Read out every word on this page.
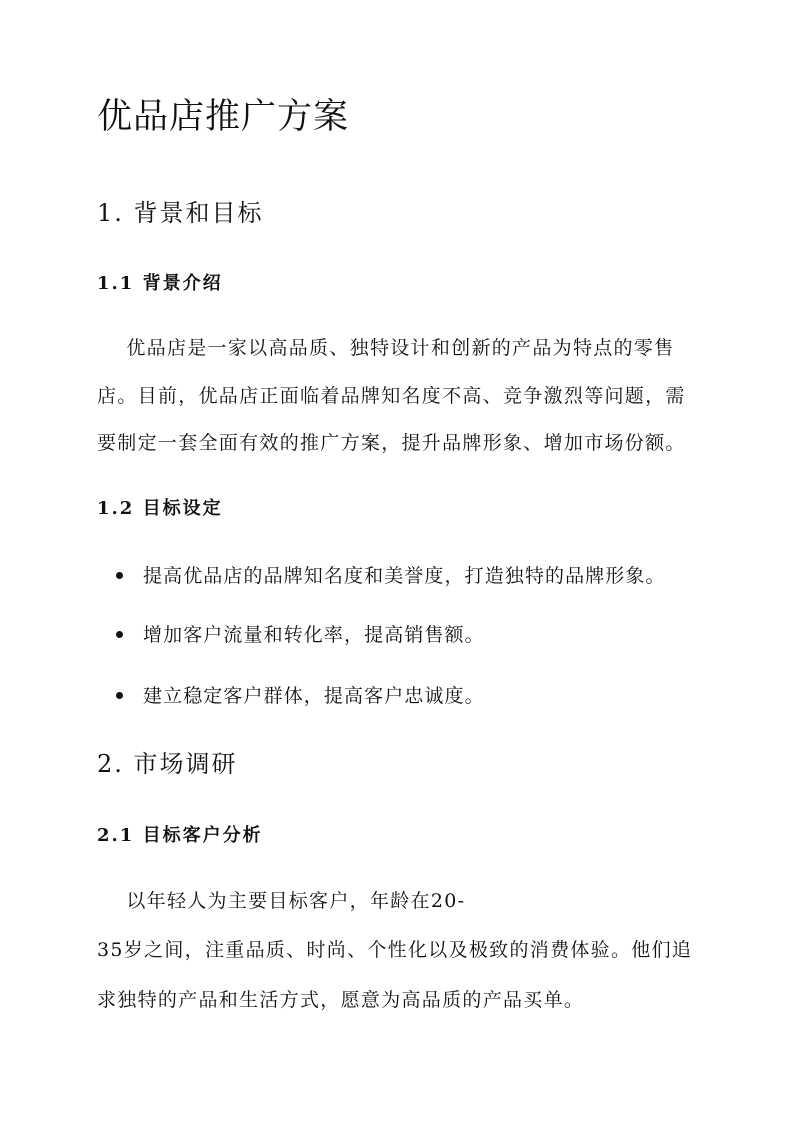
优品店推广方案
1. 背景和目标
1.1 背景介绍

优品店是一家以高品质、独特设计和创新的产品为特点的零售

店。目前，优品店正面临着品牌知名度不高、竞争激烈等问题，需

要制定一套全面有效的推广方案，提升品牌形象、增加市场份额。

1.2 目标设定
提高优品店的品牌知名度和美誉度，打造独特的品牌形象。
增加客户流量和转化率，提高销售额。
建立稳定客户群体，提高客户忠诚度。
2. 市场调研
2.1 目标客户分析

以年轻人为主要目标客户，年龄在20-

35岁之间，注重品质、时尚、个性化以及极致的消费体验。他们追

求独特的产品和生活方式，愿意为高品质的产品买单。
